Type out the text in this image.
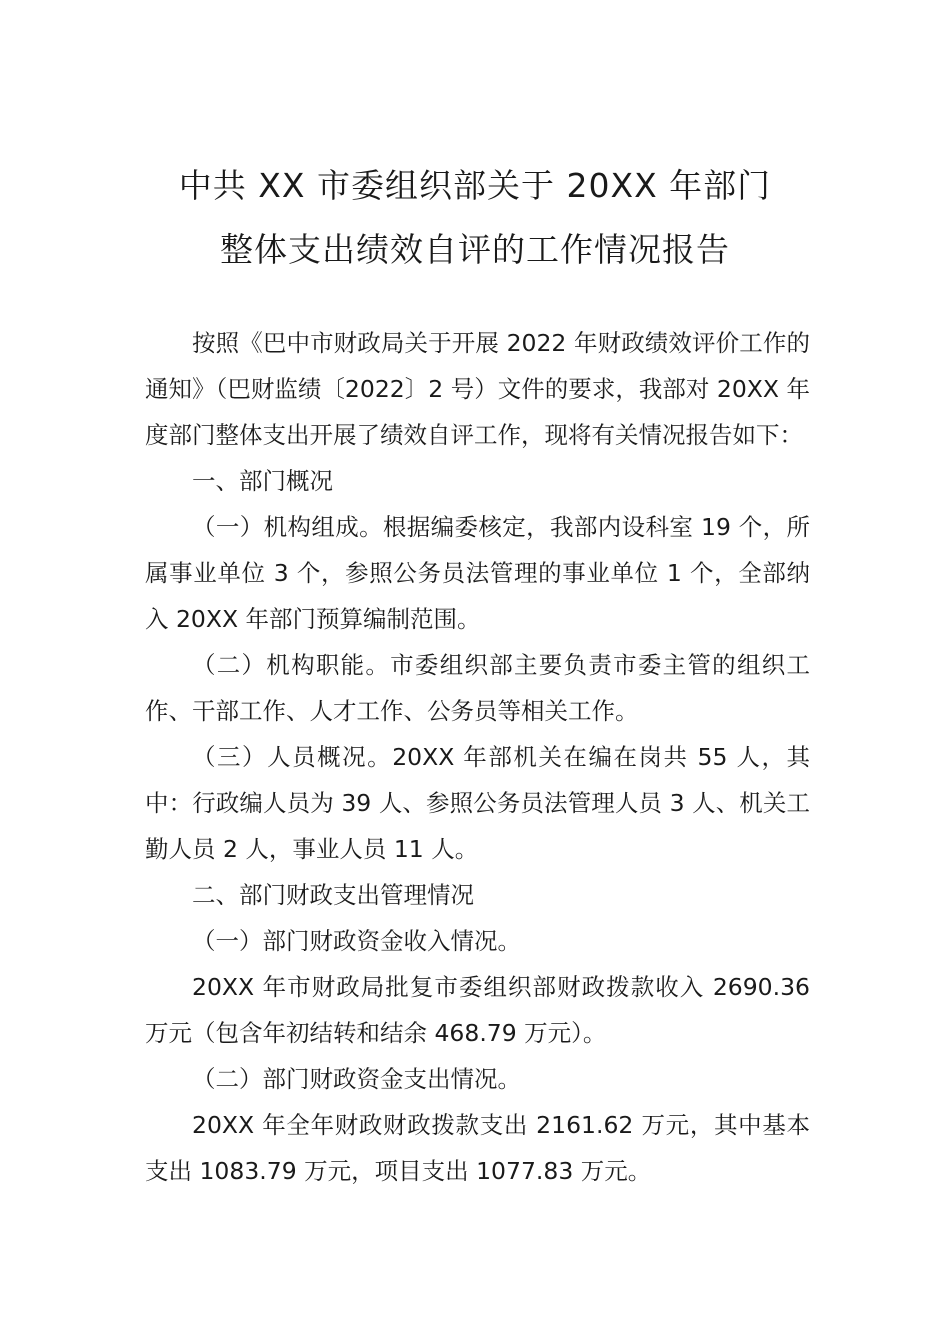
中共 XX 市委组织部关于 20XX 年部门
整体支出绩效自评的工作情况报告

按照《巴中市财政局关于开展 2022 年财政绩效评价工作的通知》（巴财监绩〔2022〕2 号）文件的要求，我部对 20XX 年度部门整体支出开展了绩效自评工作，现将有关情况报告如下：

一、部门概况

（一）机构组成。根据编委核定，我部内设科室 19 个，所属事业单位 3 个，参照公务员法管理的事业单位 1 个，全部纳入 20XX 年部门预算编制范围。

（二）机构职能。市委组织部主要负责市委主管的组织工作、干部工作、人才工作、公务员等相关工作。

（三）人员概况。20XX 年部机关在编在岗共 55 人，其中：行政编人员为 39 人、参照公务员法管理人员 3 人、机关工勤人员 2 人，事业人员 11 人。

二、部门财政支出管理情况

（一）部门财政资金收入情况。

20XX 年市财政局批复市委组织部财政拨款收入 2690.36 万元（包含年初结转和结余 468.79 万元）。

（二）部门财政资金支出情况。

20XX 年全年财政财政拨款支出 2161.62 万元，其中基本支出 1083.79 万元，项目支出 1077.83 万元。
